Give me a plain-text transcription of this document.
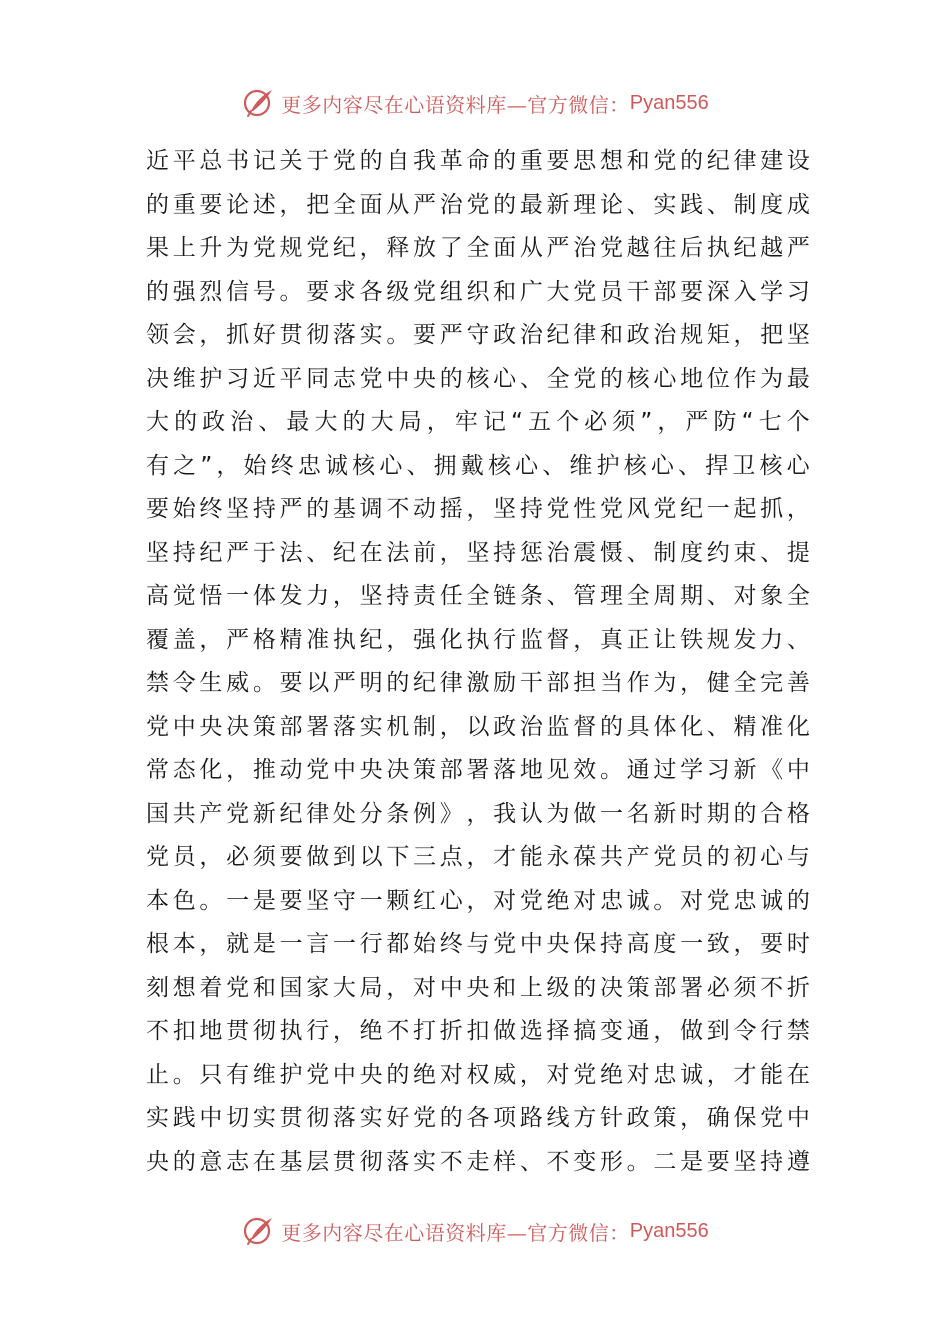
更多内容尽在心语资料库—官方微信： Pyan556
近 平 总 书 记 关 于 党 的 自 我 革 命 的 重 要 思 想 和 党 的 纪 律 建 设
的 重 要 论 述 ， 把 全 面 从 严 治 党 的 最 新 理 论 、 实 践 、 制 度 成
果 上 升 为 党 规 党 纪 ， 释 放 了 全 面 从 严 治 党 越 往 后 执 纪 越 严
的 强 烈 信 号 。 要 求 各 级 党 组 织 和 广 大 党 员 干 部 要 深 入 学 习
领 会 ， 抓 好 贯 彻 落 实 。 要 严 守 政 治 纪 律 和 政 治 规 矩 ， 把 坚
决 维 护 习 近 平 同 志 党 中 央 的 核 心 、 全 党 的 核 心 地 位 作 为 最
大 的 政 治 、 最 大 的 大 局 ， 牢 记 “ 五 个 必 须 ” ， 严 防 “ 七 个
有 之 ” ， 始 终 忠 诚 核 心 、 拥 戴 核 心 、 维 护 核 心 、 捍 卫 核 心
要 始 终 坚 持 严 的 基 调 不 动 摇 ， 坚 持 党 性 党 风 党 纪 一 起 抓 ，
坚 持 纪 严 于 法 、 纪 在 法 前 ， 坚 持 惩 治 震 慑 、 制 度 约 束 、 提
高 觉 悟 一 体 发 力 ， 坚 持 责 任 全 链 条 、 管 理 全 周 期 、 对 象 全
覆 盖 ， 严 格 精 准 执 纪 ， 强 化 执 行 监 督 ， 真 正 让 铁 规 发 力 、
禁 令 生 威 。 要 以 严 明 的 纪 律 激 励 干 部 担 当 作 为 ， 健 全 完 善
党 中 央 决 策 部 署 落 实 机 制 ， 以 政 治 监 督 的 具 体 化 、 精 准 化
常 态 化 ， 推 动 党 中 央 决 策 部 署 落 地 见 效 。 通 过 学 习 新 《 中
国 共 产 党 新 纪 律 处 分 条 例 》 ， 我 认 为 做 一 名 新 时 期 的 合 格
党 员 ， 必 须 要 做 到 以 下 三 点 ， 才 能 永 葆 共 产 党 员 的 初 心 与
本 色 。 一 是 要 坚 守 一 颗 红 心 ， 对 党 绝 对 忠 诚 。 对 党 忠 诚 的
根 本 ， 就 是 一 言 一 行 都 始 终 与 党 中 央 保 持 高 度 一 致 ， 要 时
刻 想 着 党 和 国 家 大 局 ， 对 中 央 和 上 级 的 决 策 部 署 必 须 不 折
不 扣 地 贯 彻 执 行 ， 绝 不 打 折 扣 做 选 择 搞 变 通 ， 做 到 令 行 禁
止 。 只 有 维 护 党 中 央 的 绝 对 权 威 ， 对 党 绝 对 忠 诚 ， 才 能 在
实 践 中 切 实 贯 彻 落 实 好 党 的 各 项 路 线 方 针 政 策 ， 确 保 党 中
央 的 意 志 在 基 层 贯 彻 落 实 不 走 样 、 不 变 形 。 二 是 要 坚 持 遵
更多内容尽在心语资料库—官方微信： Pyan556
